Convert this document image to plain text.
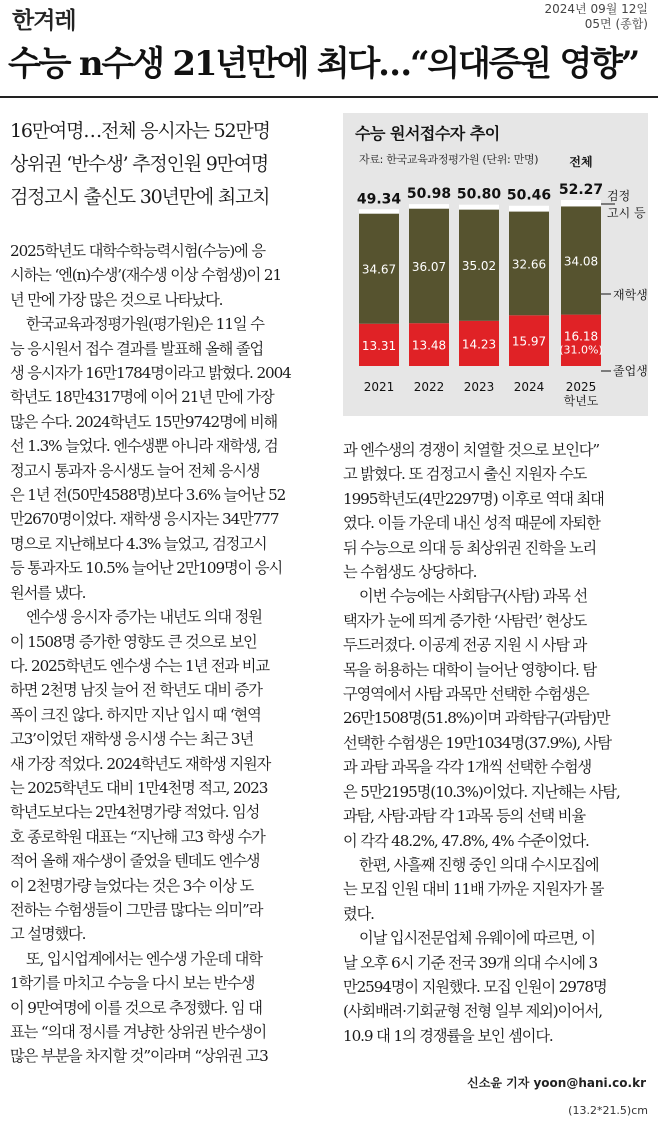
한겨레	2024년 09월 12일
05면 (종합)
수능 n수생 21년만에 최다…“의대증원 영향”
16만여명…전체 응시자는 52만명
상위권 ‘반수생’ 추정인원 9만여명
검정고시 출신도 30년만에 최고치
수능 원서접수자 추이
자료: 한국교육과정평가원 (단위: 만명)
13.31
34.67
49.34
2021
13.48
36.07
50.98
2022
14.23
35.02
50.80
2023
15.97
32.66
50.46
2024
16.18
34.08
52.27
2025
전체
학년도
(31.0%)
검정
고시 등
재학생
졸업생
2025학년도 대학수학능력시험(수능)에 응
시하는 ‘엔(n)수생’(재수생 이상 수험생)이 21
년 만에 가장 많은 것으로 나타났다.
한국교육과정평가원(평가원)은 11일 수
능 응시원서 접수 결과를 발표해 올해 졸업
생 응시자가 16만1784명이라고 밝혔다. 2004
학년도 18만4317명에 이어 21년 만에 가장
많은 수다. 2024학년도 15만9742명에 비해
선 1.3% 늘었다. 엔수생뿐 아니라 재학생, 검
정고시 통과자 응시생도 늘어 전체 응시생
은 1년 전(50만4588명)보다 3.6% 늘어난 52
만2670명이었다. 재학생 응시자는 34만777
명으로 지난해보다 4.3% 늘었고, 검정고시
등 통과자도 10.5% 늘어난 2만109명이 응시
원서를 냈다.
엔수생 응시자 증가는 내년도 의대 정원
이 1508명 증가한 영향도 큰 것으로 보인
다. 2025학년도 엔수생 수는 1년 전과 비교
하면 2천명 남짓 늘어 전 학년도 대비 증가
폭이 크진 않다. 하지만 지난 입시 때 ‘현역
고3’이었던 재학생 응시생 수는 최근 3년
새 가장 적었다. 2024학년도 재학생 지원자
는 2025학년도 대비 1만4천명 적고, 2023
학년도보다는 2만4천명가량 적었다. 임성
호 종로학원 대표는 “지난해 고3 학생 수가
적어 올해 재수생이 줄었을 텐데도 엔수생
이 2천명가량 늘었다는 것은 3수 이상 도
전하는 수험생들이 그만큼 많다는 의미”라
고 설명했다.
또, 입시업계에서는 엔수생 가운데 대학
1학기를 마치고 수능을 다시 보는 반수생
이 9만여명에 이를 것으로 추정했다. 임 대
표는 “의대 정시를 겨냥한 상위권 반수생이
많은 부분을 차지할 것”이라며 “상위권 고3
과 엔수생의 경쟁이 치열할 것으로 보인다”
고 밝혔다. 또 검정고시 출신 지원자 수도
1995학년도(4만2297명) 이후로 역대 최대
였다. 이들 가운데 내신 성적 때문에 자퇴한
뒤 수능으로 의대 등 최상위권 진학을 노리
는 수험생도 상당하다.
이번 수능에는 사회탐구(사탐) 과목 선
택자가 눈에 띄게 증가한 ‘사탐런’ 현상도
두드러졌다. 이공계 전공 지원 시 사탐 과
목을 허용하는 대학이 늘어난 영향이다. 탐
구영역에서 사탐 과목만 선택한 수험생은
26만1508명(51.8%)이며 과학탐구(과탐)만
선택한 수험생은 19만1034명(37.9%), 사탐
과 과탐 과목을 각각 1개씩 선택한 수험생
은 5만2195명(10.3%)이었다. 지난해는 사탐,
과탐, 사탐·과탐 각 1과목 등의 선택 비율
이 각각 48.2%, 47.8%, 4% 수준이었다.
한편, 사흘째 진행 중인 의대 수시모집에
는 모집 인원 대비 11배 가까운 지원자가 몰
렸다.
이날 입시전문업체 유웨이에 따르면, 이
날 오후 6시 기준 전국 39개 의대 수시에 3
만2594명이 지원했다. 모집 인원이 2978명
(사회배려·기회균형 전형 일부 제외)이어서,
10.9 대 1의 경쟁률을 보인 셈이다.
신소윤 기자 yoon@hani.co.kr
(13.2*21.5)cm
